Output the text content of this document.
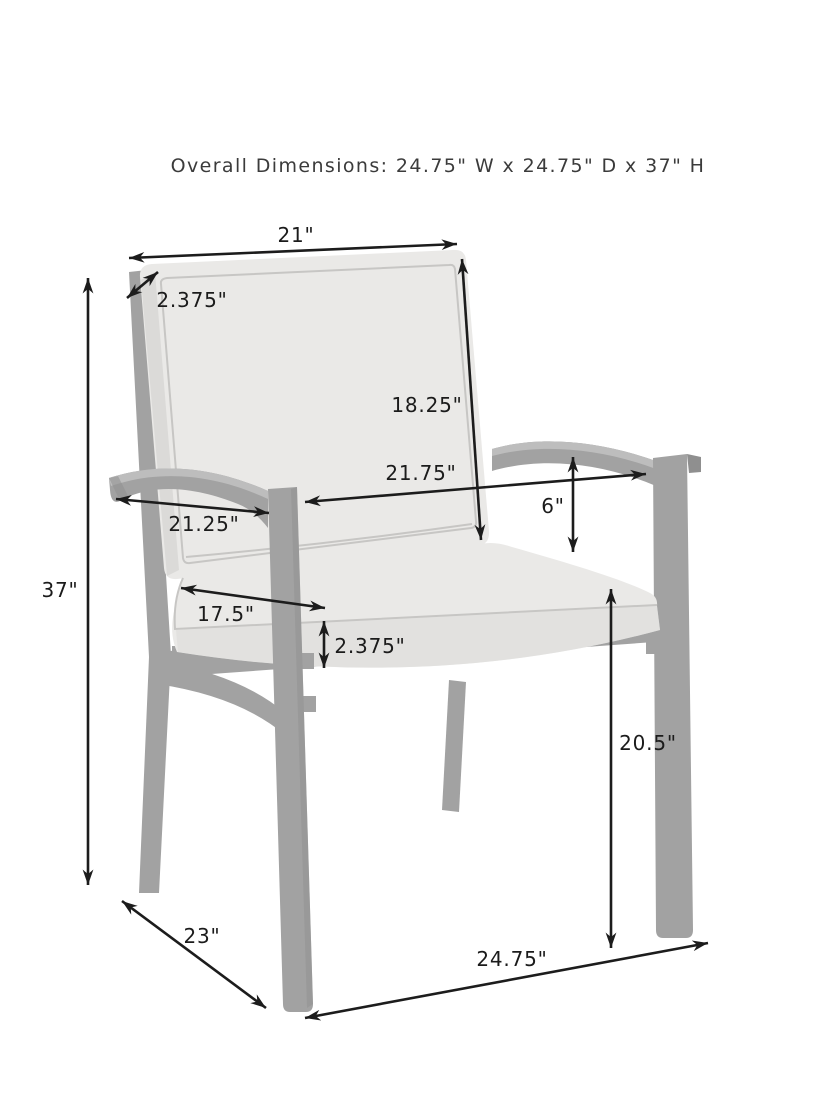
21"
2.375"
18.25"
21.75"
6"
21.25"
37"
17.5"
2.375"
20.5"
23"
24.75"
Overall Dimensions: 24.75" W x 24.75" D x 37" H
